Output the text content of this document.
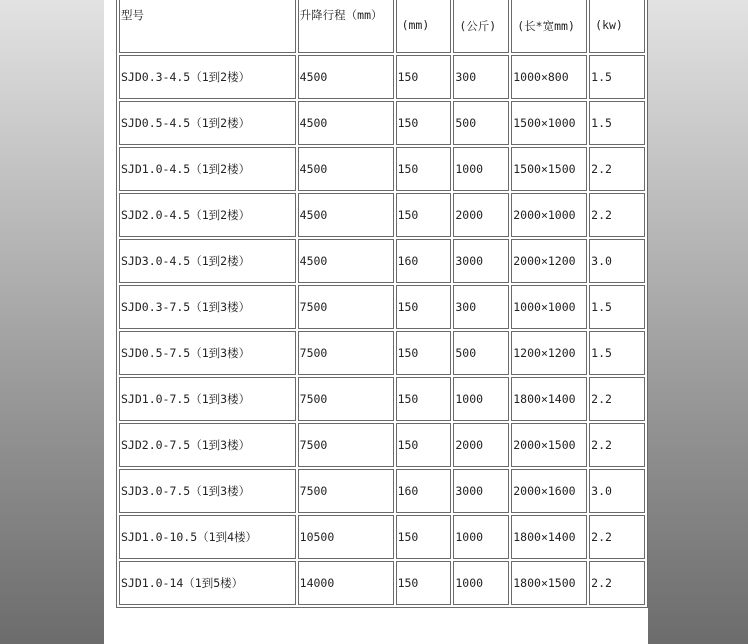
型号	升降行程（mm）	(mm)	(公斤)	(长*宽mm)	(kw)

SJD0.3-4.5（1到2楼）	4500	150	300	1000×800	1.5
SJD0.5-4.5（1到2楼）	4500	150	500	1500×1000	1.5
SJD1.0-4.5（1到2楼）	4500	150	1000	1500×1500	2.2
SJD2.0-4.5（1到2楼）	4500	150	2000	2000×1000	2.2
SJD3.0-4.5（1到2楼）	4500	160	3000	2000×1200	3.0
SJD0.3-7.5（1到3楼）	7500	150	300	1000×1000	1.5
SJD0.5-7.5（1到3楼）	7500	150	500	1200×1200	1.5
SJD1.0-7.5（1到3楼）	7500	150	1000	1800×1400	2.2
SJD2.0-7.5（1到3楼）	7500	150	2000	2000×1500	2.2
SJD3.0-7.5（1到3楼）	7500	160	3000	2000×1600	3.0
SJD1.0-10.5（1到4楼）	10500	150	1000	1800×1400	2.2
SJD1.0-14（1到5楼）	14000	150	1000	1800×1500	2.2
